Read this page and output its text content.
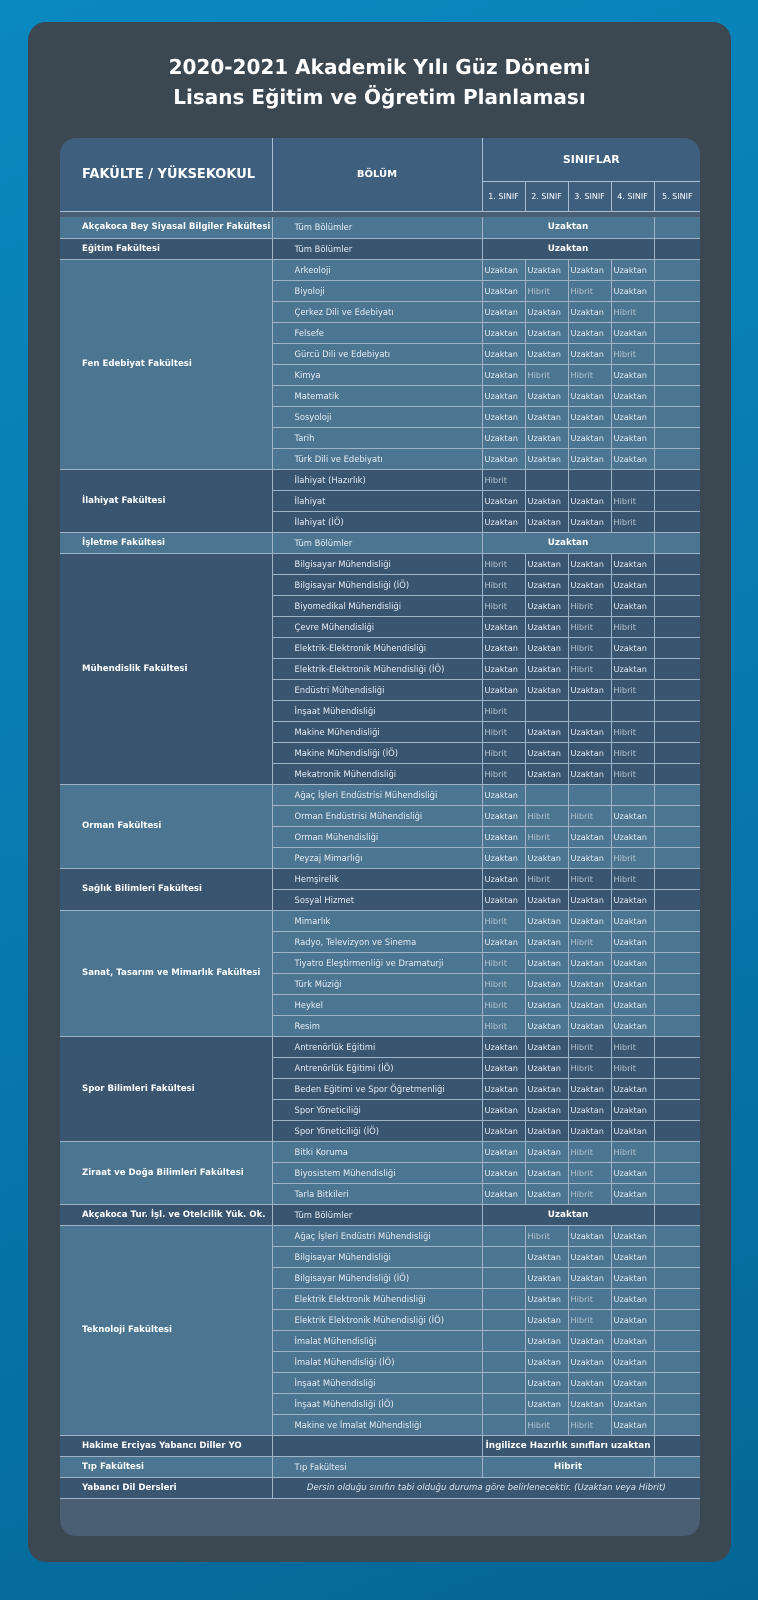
2020-2021 Akademik Yılı Güz Dönemi
Lisans Eğitim ve Öğretim Planlaması
FAKÜLTE / YÜKSEKOKUL	BÖLÜM	SINIFLAR				
		1. SINIF	2. SINIF	3. SINIF	4. SINIF	5. SINIF

Akçakoca Bey Siyasal Bilgiler Fakültesi	Tüm Bölümler	Uzaktan				
Eğitim Fakültesi	Tüm Bölümler	Uzaktan				
Fen Edebiyat Fakültesi	Arkeoloji	Uzaktan	Uzaktan	Uzaktan	Uzaktan	
	Biyoloji	Uzaktan	Hibrit	Hibrit	Uzaktan	
	Çerkez Dili ve Edebiyatı	Uzaktan	Uzaktan	Uzaktan	Hibrit	
	Felsefe	Uzaktan	Uzaktan	Uzaktan	Uzaktan	
	Gürcü Dili ve Edebiyatı	Uzaktan	Uzaktan	Uzaktan	Hibrit	
	Kimya	Uzaktan	Hibrit	Hibrit	Uzaktan	
	Matematik	Uzaktan	Uzaktan	Uzaktan	Uzaktan	
	Sosyoloji	Uzaktan	Uzaktan	Uzaktan	Uzaktan	
	Tarih	Uzaktan	Uzaktan	Uzaktan	Uzaktan	
	Türk Dili ve Edebiyatı	Uzaktan	Uzaktan	Uzaktan	Uzaktan	
İlahiyat Fakültesi	İlahiyat (Hazırlık)	Hibrit				
	İlahiyat	Uzaktan	Uzaktan	Uzaktan	Hibrit	
	İlahiyat (İÖ)	Uzaktan	Uzaktan	Uzaktan	Hibrit	
İşletme Fakültesi	Tüm Bölümler	Uzaktan				
Mühendislik Fakültesi	Bilgisayar Mühendisliği	Hibrit	Uzaktan	Uzaktan	Uzaktan	
	Bilgisayar Mühendisliği (İÖ)	Hibrit	Uzaktan	Uzaktan	Uzaktan	
	Biyomedikal Mühendisliği	Hibrit	Uzaktan	Hibrit	Uzaktan	
	Çevre Mühendisliği	Uzaktan	Uzaktan	Hibrit	Hibrit	
	Elektrik-Elektronik Mühendisliği	Uzaktan	Uzaktan	Hibrit	Uzaktan	
	Elektrik-Elektronik Mühendisliği (İÖ)	Uzaktan	Uzaktan	Hibrit	Uzaktan	
	Endüstri Mühendisliği	Uzaktan	Uzaktan	Uzaktan	Hibrit	
	İnşaat Mühendisliği	Hibrit				
	Makine Mühendisliği	Hibrit	Uzaktan	Uzaktan	Hibrit	
	Makine Mühendisliği (İÖ)	Hibrit	Uzaktan	Uzaktan	Hibrit	
	Mekatronik Mühendisliği	Hibrit	Uzaktan	Uzaktan	Hibrit	
Orman Fakültesi	Ağaç İşleri Endüstrisi Mühendisliği	Uzaktan				
	Orman Endüstrisi Mühendisliği	Uzaktan	Hibrit	Hibrit	Uzaktan	
	Orman Mühendisliği	Uzaktan	Hibrit	Uzaktan	Uzaktan	
	Peyzaj Mimarlığı	Uzaktan	Uzaktan	Uzaktan	Hibrit	
Sağlık Bilimleri Fakültesi	Hemşirelik	Uzaktan	Hibrit	Hibrit	Hibrit	
	Sosyal Hizmet	Uzaktan	Uzaktan	Uzaktan	Uzaktan	
Sanat, Tasarım ve Mimarlık Fakültesi	Mimarlık	Hibrit	Uzaktan	Uzaktan	Uzaktan	
	Radyo, Televizyon ve Sinema	Uzaktan	Uzaktan	Hibrit	Uzaktan	
	Tiyatro Eleştirmenliği ve Dramaturji	Hibrit	Uzaktan	Uzaktan	Uzaktan	
	Türk Müziği	Hibrit	Uzaktan	Uzaktan	Uzaktan	
	Heykel	Hibrit	Uzaktan	Uzaktan	Uzaktan	
	Resim	Hibrit	Uzaktan	Uzaktan	Uzaktan	
Spor Bilimleri Fakültesi	Antrenörlük Eğitimi	Uzaktan	Uzaktan	Hibrit	Hibrit	
	Antrenörlük Eğitimi (İÖ)	Uzaktan	Uzaktan	Hibrit	Hibrit	
	Beden Eğitimi ve Spor Öğretmenliği	Uzaktan	Uzaktan	Uzaktan	Uzaktan	
	Spor Yöneticiliği	Uzaktan	Uzaktan	Uzaktan	Uzaktan	
	Spor Yöneticiliği (İÖ)	Uzaktan	Uzaktan	Uzaktan	Uzaktan	
Ziraat ve Doğa Bilimleri Fakültesi	Bitki Koruma	Uzaktan	Uzaktan	Hibrit	Hibrit	
	Biyosistem Mühendisliği	Uzaktan	Uzaktan	Hibrit	Uzaktan	
	Tarla Bitkileri	Uzaktan	Uzaktan	Hibrit	Uzaktan	
Akçakoca Tur. İşl. ve Otelcilik Yük. Ok.	Tüm Bölümler	Uzaktan				
Teknoloji Fakültesi	Ağaç İşleri Endüstri Mühendisliği		Hibrit	Uzaktan	Uzaktan	
	Bilgisayar Mühendisliği		Uzaktan	Uzaktan	Uzaktan	
	Bilgisayar Mühendisliği (İÖ)		Uzaktan	Uzaktan	Uzaktan	
	Elektrik Elektronik Mühendisliği		Uzaktan	Hibrit	Uzaktan	
	Elektrik Elektronik Mühendisliği (İÖ)		Uzaktan	Hibrit	Uzaktan	
	İmalat Mühendisliği		Uzaktan	Uzaktan	Uzaktan	
	İmalat Mühendisliği (İÖ)		Uzaktan	Uzaktan	Uzaktan	
	İnşaat Mühendisliği		Uzaktan	Uzaktan	Uzaktan	
	İnşaat Mühendisliği (İÖ)		Uzaktan	Uzaktan	Uzaktan	
	Makine ve İmalat Mühendisliği		Hibrit	Hibrit	Uzaktan	
Hakime Erciyas Yabancı Diller YO		İngilizce Hazırlık sınıfları uzaktan				
Tıp Fakültesi	Tıp Fakültesi	Hibrit				
Yabancı Dil Dersleri	Dersin olduğu sınıfın tabi olduğu duruma göre belirlenecektir. (Uzaktan veya Hibrit)					
